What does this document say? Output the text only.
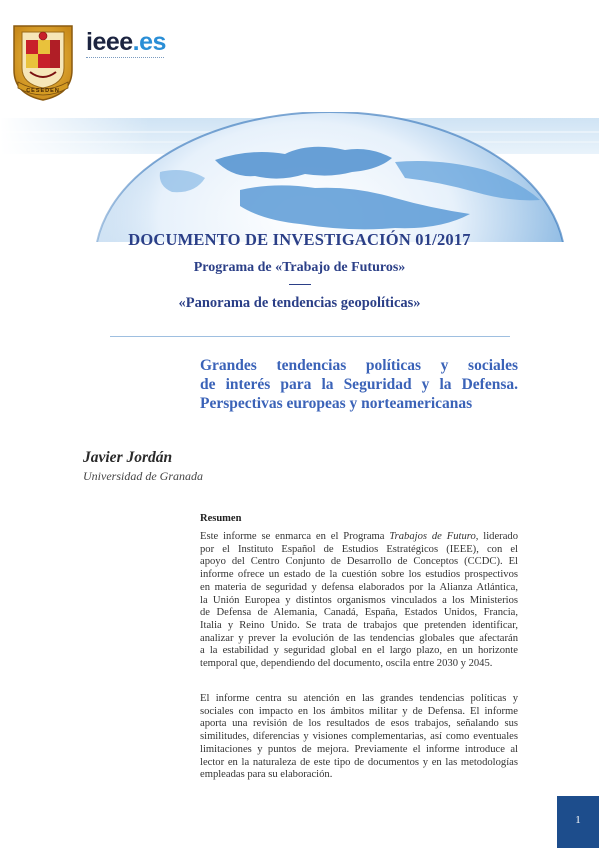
CESEDEN
ieee.es
DOCUMENTO DE INVESTIGACIÓN 01/2017
Programa de «Trabajo de Futuros»
«Panorama de tendencias geopolíticas»
Grandes tendencias políticas y sociales
de interés para la Seguridad y la Defensa.
Perspectivas europeas y norteamericanas
Javier Jordán
Universidad de Granada
Resumen
Este informe se enmarca en el Programa Trabajos de Futuro, liderado
por el Instituto Español de Estudios Estratégicos (IEEE), con el
apoyo del Centro Conjunto de Desarrollo de Conceptos (CCDC). El
informe ofrece un estado de la cuestión sobre los estudios prospectivos
en materia de seguridad y defensa elaborados por la Alianza Atlántica,
la Unión Europea y distintos organismos vinculados a los Ministerios
de Defensa de Alemania, Canadá, España, Estados Unidos, Francia,
Italia y Reino Unido. Se trata de trabajos que pretenden identificar,
analizar y prever la evolución de las tendencias globales que afectarán
a la estabilidad y seguridad global en el largo plazo, en un horizonte
temporal que, dependiendo del documento, oscila entre 2030 y 2045.
El informe centra su atención en las grandes tendencias políticas y
sociales con impacto en los ámbitos militar y de Defensa. El informe
aporta una revisión de los resultados de esos trabajos, señalando sus
similitudes, diferencias y visiones complementarias, así como eventuales
limitaciones y puntos de mejora. Previamente el informe introduce al
lector en la naturaleza de este tipo de documentos y en las metodologías
empleadas para su elaboración.
1
